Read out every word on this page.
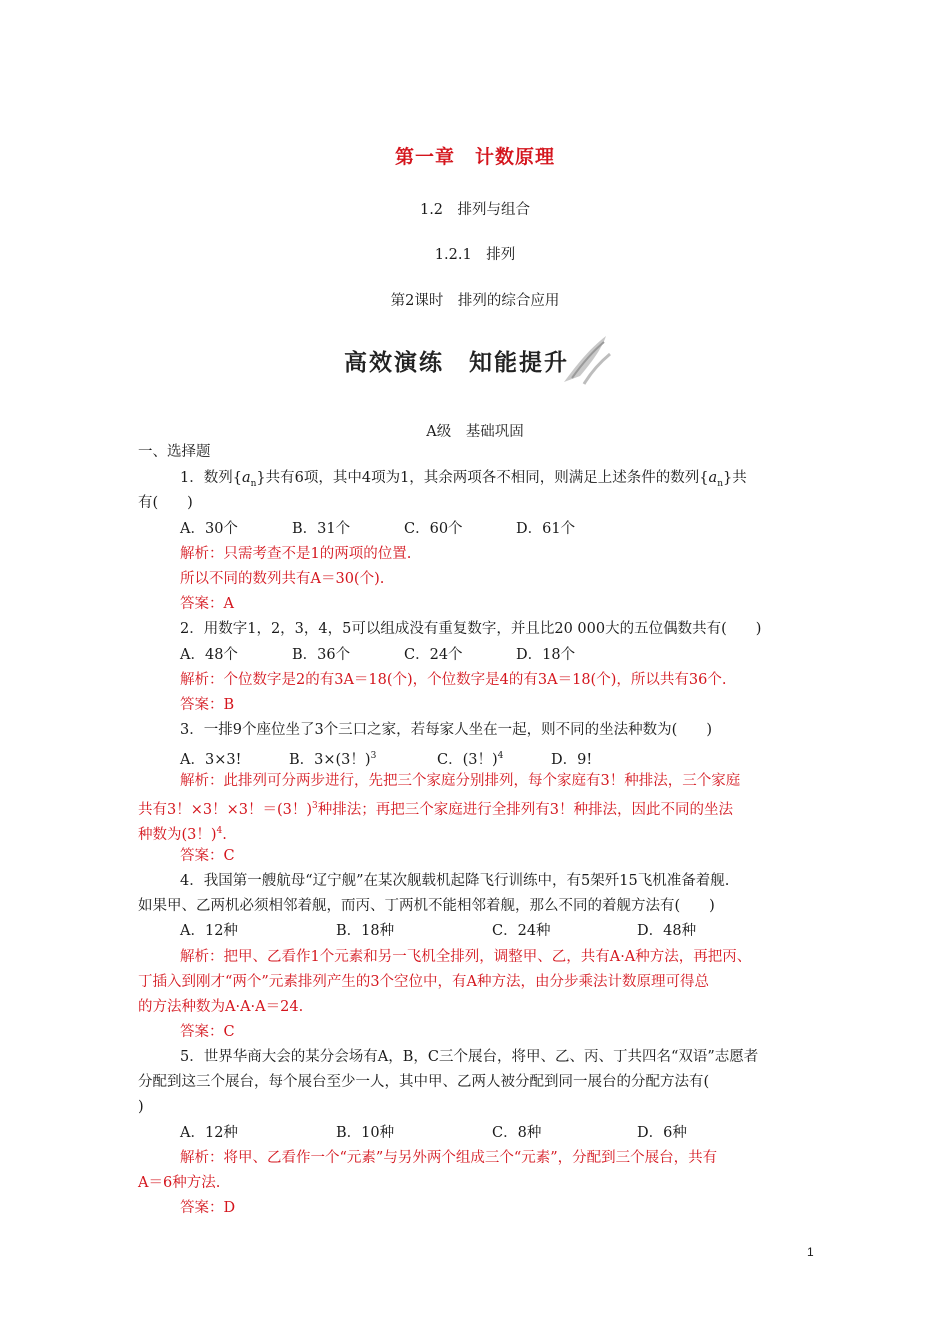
第一章　计数原理
1.2　排列与组合
1.2.1　排列
第2课时　排列的综合应用
高效演练　知能提升
A级　基础巩固
一、选择题
1．数列$\{a_n\}$共有6项，其中4项为1，其余两项各不相同，则满足上述条件的数列$\{a_n\}$共
有(　　)
A．30个	B．31个	C．60个	D．61个
解析：只需考查不是1的两项的位置.
所以不同的数列共有A＝30(个).
答案：A
2．用数字1，2，3，4，5可以组成没有重复数字，并且比20 000大的五位偶数共有(　　)
A．48个	B．36个	C．24个	D．18个
解析：个位数字是2的有3A＝18(个)，个位数字是4的有3A＝18(个)，所以共有36个.
答案：B
3．一排9个座位坐了3个三口之家，若每家人坐在一起，则不同的坐法种数为(　　)
A．3×3!	B．3×(3！)$^3$	C．(3！)$^4$	D．9!
解析：此排列可分两步进行，先把三个家庭分别排列，每个家庭有3！种排法，三个家庭
共有3！×3！×3！＝(3！)$^3$种排法；再把三个家庭进行全排列有3！种排法，因此不同的坐法
种数为(3！)$^4$.
答案：C
4．我国第一艘航母“辽宁舰”在某次舰载机起降飞行训练中，有5架歼15飞机准备着舰.
如果甲、乙两机必须相邻着舰，而丙、丁两机不能相邻着舰，那么不同的着舰方法有(　　)
A．12种	B．18种	C．24种	D．48种
解析：把甲、乙看作1个元素和另一飞机全排列，调整甲、乙，共有A·A种方法，再把丙、
丁插入到刚才“两个”元素排列产生的3个空位中，有A种方法，由分步乘法计数原理可得总
的方法种数为A·A·A＝24.
答案：C
5．世界华商大会的某分会场有A，B，C三个展台，将甲、乙、丙、丁共四名“双语”志愿者
分配到这三个展台，每个展台至少一人，其中甲、乙两人被分配到同一展台的分配方法有(
)
A．12种	B．10种	C．8种	D．6种
解析：将甲、乙看作一个“元素”与另外两个组成三个“元素”，分配到三个展台，共有
A＝6种方法.
答案：D
1
